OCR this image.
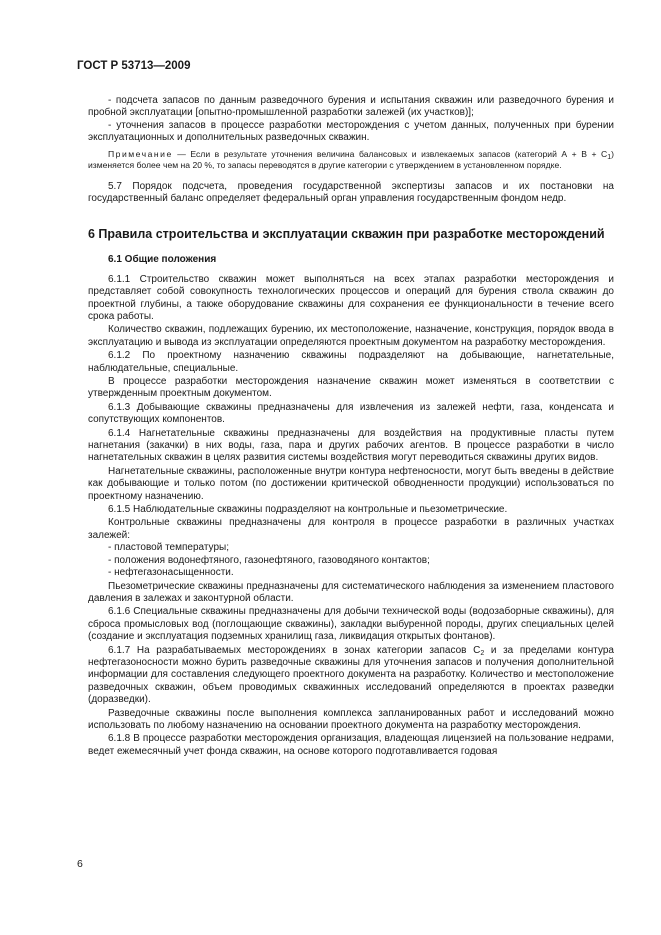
ГОСТ Р 53713—2009

- подсчета запасов по данным разведочного бурения и испытания скважин или разведочного бурения и пробной эксплуатации [опытно-промышленной разработки залежей (их участков)];

- уточнения запасов в процессе разработки месторождения с учетом данных, полученных при бурении эксплуатационных и дополнительных разведочных скважин.

Примечание — Если в результате уточнения величина балансовых и извлекаемых запасов (категорий $А + В + С_1$) изменяется более чем на 20 %, то запасы переводятся в другие категории с утверждением в установленном порядке.

5.7 Порядок подсчета, проведения государственной экспертизы запасов и их постановки на государственный баланс определяет федеральный орган управления государственным фондом недр.

6 Правила строительства и эксплуатации скважин при разработке месторождений
6.1 Общие положения

6.1.1 Строительство скважин может выполняться на всех этапах разработки месторождения и представляет собой совокупность технологических процессов и операций для бурения ствола скважин до проектной глубины, а также оборудование скважины для сохранения ее функциональности в течение всего срока работы.

Количество скважин, подлежащих бурению, их местоположение, назначение, конструкция, порядок ввода в эксплуатацию и вывода из эксплуатации определяются проектным документом на разработку месторождения.

6.1.2 По проектному назначению скважины подразделяют на добывающие, нагнетательные, наблюдательные, специальные.

В процессе разработки месторождения назначение скважин может изменяться в соответствии с утвержденным проектным документом.

6.1.3 Добывающие скважины предназначены для извлечения из залежей нефти, газа, конденсата и сопутствующих компонентов.

6.1.4 Нагнетательные скважины предназначены для воздействия на продуктивные пласты путем нагнетания (закачки) в них воды, газа, пара и других рабочих агентов. В процессе разработки в число нагнетательных скважин в целях развития системы воздействия могут переводиться скважины других видов.

Нагнетательные скважины, расположенные внутри контура нефтеносности, могут быть введены в действие как добывающие и только потом (по достижении критической обводненности продукции) использоваться по проектному назначению.

6.1.5 Наблюдательные скважины подразделяют на контрольные и пьезометрические.

Контрольные скважины предназначены для контроля в процессе разработки в различных участках залежей:

- пластовой температуры;

- положения водонефтяного, газонефтяного, газоводяного контактов;

- нефтегазонасыщенности.

Пьезометрические скважины предназначены для систематического наблюдения за изменением пластового давления в залежах и законтурной области.

6.1.6 Специальные скважины предназначены для добычи технической воды (водозаборные скважины), для сброса промысловых вод (поглощающие скважины), закладки выбуренной породы, других специальных целей (создание и эксплуатация подземных хранилищ газа, ликвидация открытых фонтанов).

6.1.7 На разрабатываемых месторождениях в зонах категории запасов $С_2$ и за пределами контура нефтегазоносности можно бурить разведочные скважины для уточнения запасов и получения дополнительной информации для составления следующего проектного документа на разработку. Количество и местоположение разведочных скважин, объем проводимых скважинных исследований определяются в проектах разведки (доразведки).

Разведочные скважины после выполнения комплекса запланированных работ и исследований можно использовать по любому назначению на основании проектного документа на разработку месторождения.

6.1.8 В процессе разработки месторождения организация, владеющая лицензией на пользование недрами, ведет ежемесячный учет фонда скважин, на основе которого подготавливается годовая

6
